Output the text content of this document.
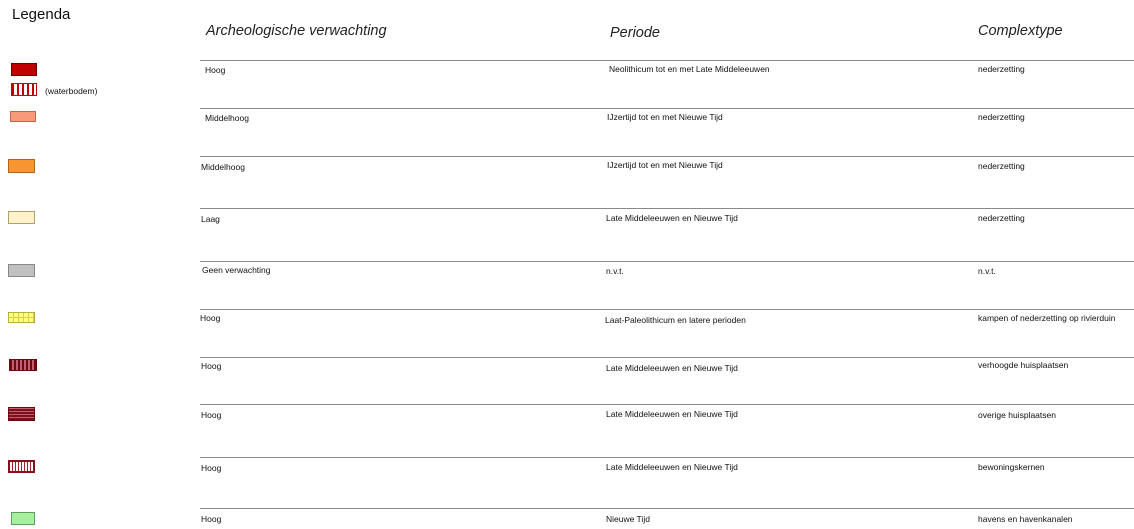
Legenda
Archeologische verwachting	Periode	Complextype
(waterbodem)
Hoog	Neolithicum tot en met Late Middeleeuwen	nederzetting
Middelhoog	IJzertijd tot en met Nieuwe Tijd	nederzetting
Middelhoog	IJzertijd tot en met Nieuwe Tijd	nederzetting
Laag	Late Middeleeuwen en Nieuwe Tijd	nederzetting
Geen verwachting	n.v.t.	n.v.t.
Hoog	Laat-Paleolithicum en latere perioden	kampen of nederzetting op rivierduin
Hoog	Late Middeleeuwen en Nieuwe Tijd	verhoogde huisplaatsen
Hoog	Late Middeleeuwen en Nieuwe Tijd	overige huisplaatsen
Hoog	Late Middeleeuwen en Nieuwe Tijd	bewoningskernen
Hoog	Nieuwe Tijd	havens en havenkanalen
